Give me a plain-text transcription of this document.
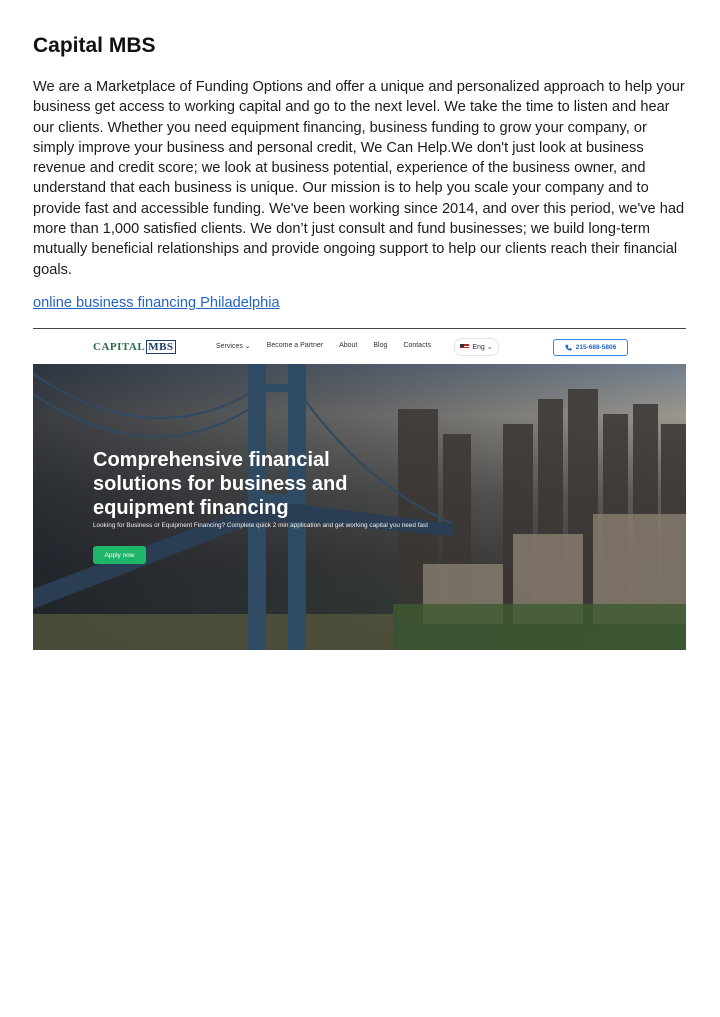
Capital MBS

We are a Marketplace of Funding Options and offer a unique and personalized approach to help your business get access to working capital and go to the next level. We take the time to listen and hear our clients. Whether you need equipment financing, business funding to grow your company, or simply improve your business and personal credit, We Can Help.We don't just look at business revenue and credit score; we look at business potential, experience of the business owner, and understand that each business is unique. Our mission is to help you scale your company and to provide fast and accessible funding. We've been working since 2014, and over this period, we've had more than 1,000 satisfied clients. We don’t just consult and fund businesses; we build long-term mutually beneficial relationships and provide ongoing support to help our clients reach their financial goals.

online business financing Philadelphia
CAPITAL MBS	Services ⌄ Become a Partner About Blog Contacts	Eng ⌄	215-688-5806
Comprehensive financial solutions for business and equipment financing
Looking for Business or Equipment Financing? Complete quick 2 min application and get working capital you need fast
Apply now
